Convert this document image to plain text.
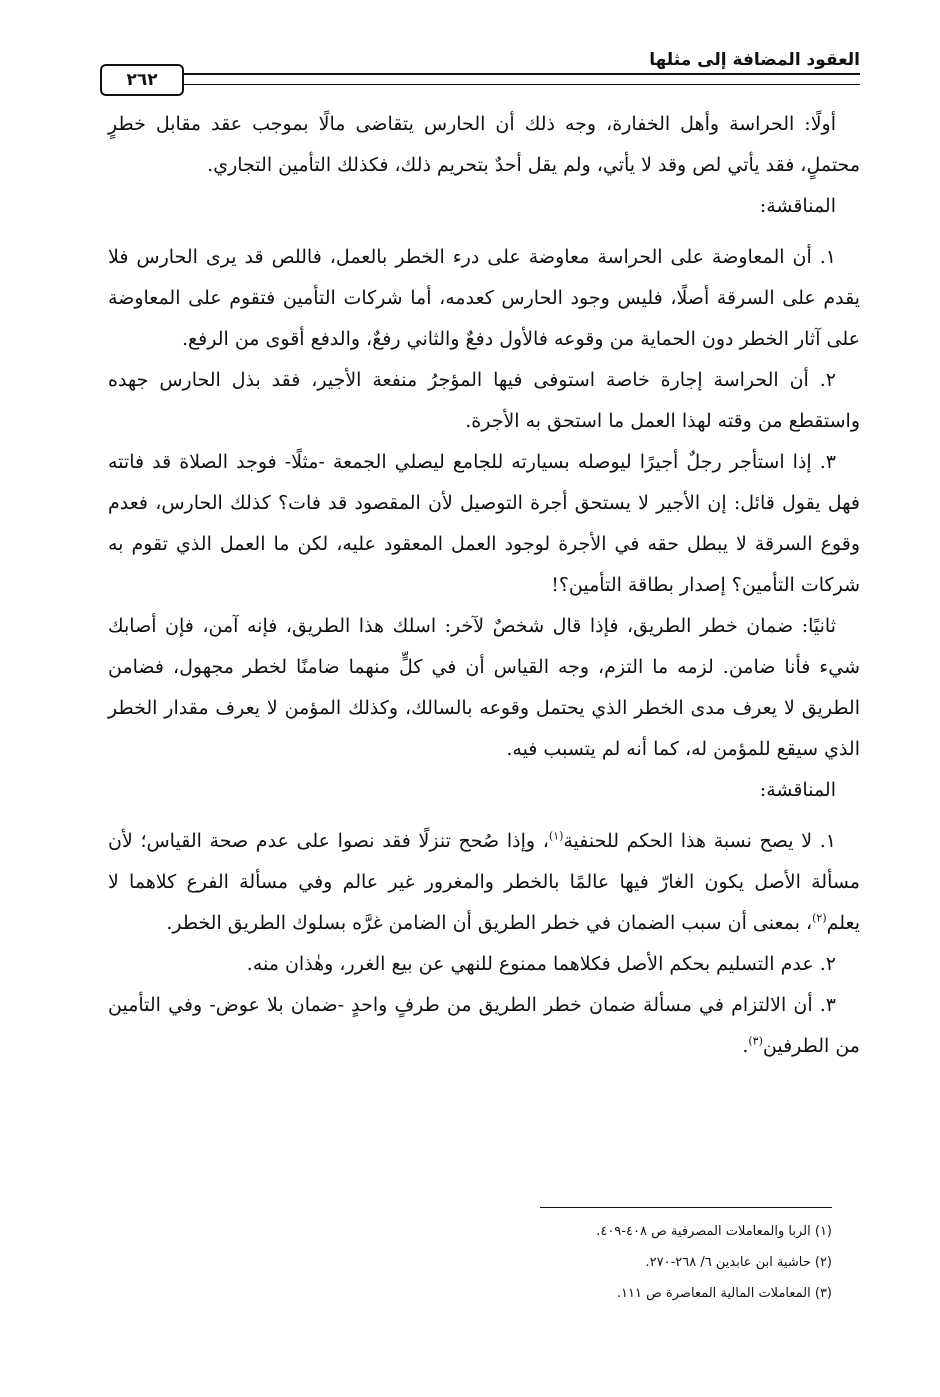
العقود المضافة إلى مثلها
٢٦٢

أولًا: الحراسة وأهل الخفارة، وجه ذلك أن الحارس يتقاضى مالًا بموجب عقد مقابل خطرٍ محتملٍ، فقد يأتي لص وقد لا يأتي، ولم يقل أحدٌ بتحريم ذلك، فكذلك التأمين التجاري.

المناقشة:

١. أن المعاوضة على الحراسة معاوضة على درء الخطر بالعمل، فاللص قد يرى الحارس فلا يقدم على السرقة أصلًا، فليس وجود الحارس كعدمه، أما شركات التأمين فتقوم على المعاوضة على آثار الخطر دون الحماية من وقوعه فالأول دفعٌ والثاني رفعٌ، والدفع أقوى من الرفع.

٢. أن الحراسة إجارة خاصة استوفى فيها المؤجرُ منفعة الأجير، فقد بذل الحارس جهده واستقطع من وقته لهذا العمل ما استحق به الأجرة.

٣. إذا استأجر رجلٌ أجيرًا ليوصله بسيارته للجامع ليصلي الجمعة -مثلًا- فوجد الصلاة قد فاتته فهل يقول قائل: إن الأجير لا يستحق أجرة التوصيل لأن المقصود قد فات؟ كذلك الحارس، فعدم وقوع السرقة لا يبطل حقه في الأجرة لوجود العمل المعقود عليه، لكن ما العمل الذي تقوم به شركات التأمين؟ إصدار بطاقة التأمين؟!

ثانيًا: ضمان خطر الطريق، فإذا قال شخصٌ لآخر: اسلك هذا الطريق، فإنه آمن، فإن أصابك شيء فأنا ضامن. لزمه ما التزم، وجه القياس أن في كلٍّ منهما ضامنًا لخطر مجهول، فضامن الطريق لا يعرف مدى الخطر الذي يحتمل وقوعه بالسالك، وكذلك المؤمن لا يعرف مقدار الخطر الذي سيقع للمؤمن له، كما أنه لم يتسبب فيه.

المناقشة:

١. لا يصح نسبة هذا الحكم للحنفية$^{(١)}$، وإذا صُحح تنزلًا فقد نصوا على عدم صحة القياس؛ لأن مسألة الأصل يكون الغارّ فيها عالمًا بالخطر والمغرور غير عالم وفي مسألة الفرع كلاهما لا يعلم$^{(٢)}$، بمعنى أن سبب الضمان في خطر الطريق أن الضامن غرَّه بسلوك الطريق الخطر.

٢. عدم التسليم بحكم الأصل فكلاهما ممنوع للنهي عن بيع الغرر، وهٰذان منه.

٣. أن الالتزام في مسألة ضمان خطر الطريق من طرفٍ واحدٍ -ضمان بلا عوض- وفي التأمين من الطرفين$^{(٣)}$.

(١) الربا والمعاملات المصرفية ص ٤٠٨-٤٠٩.

(٢) حاشية ابن عابدين ٦/ ٢٦٨-٢٧٠.

(٣) المعاملات المالية المعاصرة ص ١١١.
